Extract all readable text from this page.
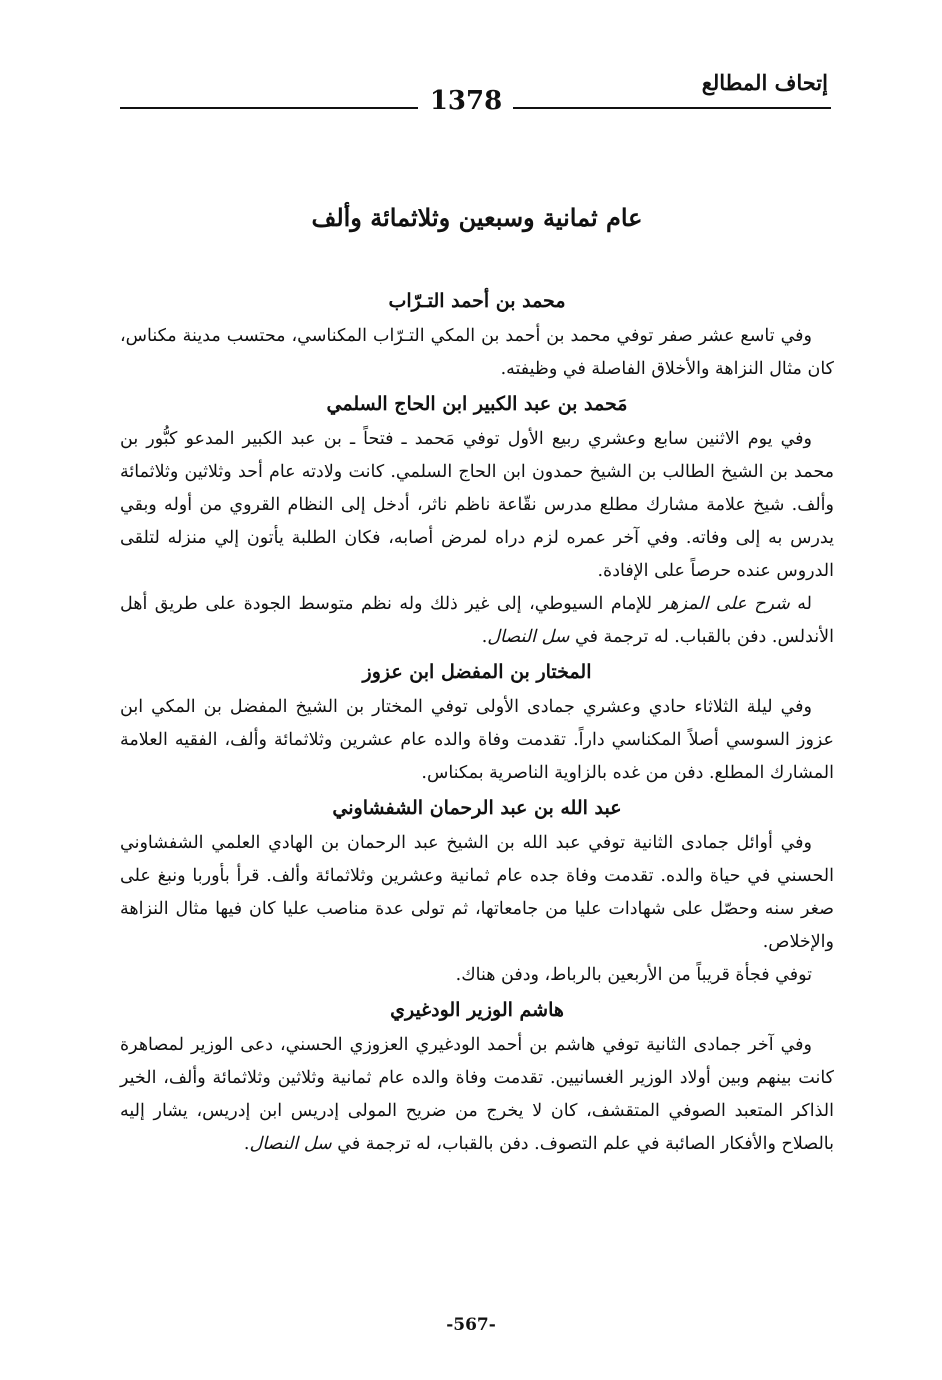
إتحاف المطالع
1378
عام ثمانية وسبعين وثلاثمائة وألف
محمد بن أحمد التـرّاب

وفي تاسع عشر صفر توفي محمد بن أحمد بن المكي التـرّاب المكناسي، محتسب مدينة مكناس، كان مثال النزاهة والأخلاق الفاصلة في وظيفته.

مَحمد بن عبد الكبير ابن الحاج السلمي

وفي يوم الاثنين سابع وعشري ربيع الأول توفي مَحمد ـ فتحاً ـ بن عبد الكبير المدعو كبُّور بن محمد بن الشيخ الطالب بن الشيخ حمدون ابن الحاج السلمي. كانت ولادته عام أحد وثلاثين وثلاثمائة وألف. شيخ علامة مشارك مطلع مدرس نقّاعة ناظم ناثر، أدخل إلى النظام القروي من أوله وبقي يدرس به إلى وفاته. وفي آخر عمره لزم دراه لمرض أصابه، فكان الطلبة يأتون إلي منزله لتلقى الدروس عنده حرصاً على الإفادة.

له شرح على المزهر للإمام السيوطي، إلى غير ذلك وله نظم متوسط الجودة على طريق أهل الأندلس. دفن بالقباب. له ترجمة في سل النصال.

المختار بن المفضل ابن عزوز

وفي ليلة الثلاثاء حادي وعشري جمادى الأولى توفي المختار بن الشيخ المفضل بن المكي ابن عزوز السوسي أصلاً المكناسي داراً. تقدمت وفاة والده عام عشرين وثلاثمائة وألف، الفقيه العلامة المشارك المطلع. دفن من غده بالزاوية الناصرية بمكناس.

عبد الله بن عبد الرحمان الشفشاوني

وفي أوائل جمادى الثانية توفي عبد الله بن الشيخ عبد الرحمان بن الهادي العلمي الشفشاوني الحسني في حياة والده. تقدمت وفاة جده عام ثمانية وعشرين وثلاثمائة وألف. قرأ بأوربا ونبغ على صغر سنه وحصّل على شهادات عليا من جامعاتها، ثم تولى عدة مناصب عليا كان فيها مثال النزاهة والإخلاص.

توفي فجأة قريباً من الأربعين بالرباط، ودفن هناك.

هاشم الوزير الودغيري

وفي آخر جمادى الثانية توفي هاشم بن أحمد الودغيري العزوزي الحسني، دعى الوزير لمصاهرة كانت بينهم وبين أولاد الوزير الغسانيين. تقدمت وفاة والده عام ثمانية وثلاثين وثلاثمائة وألف، الخير الذاكر المتعبد الصوفي المتقشف، كان لا يخرج من ضريح المولى إدريس ابن إدريس، يشار إليه بالصلاح والأفكار الصائبة في علم التصوف. دفن بالقباب، له ترجمة في سل النصال.

-567-
